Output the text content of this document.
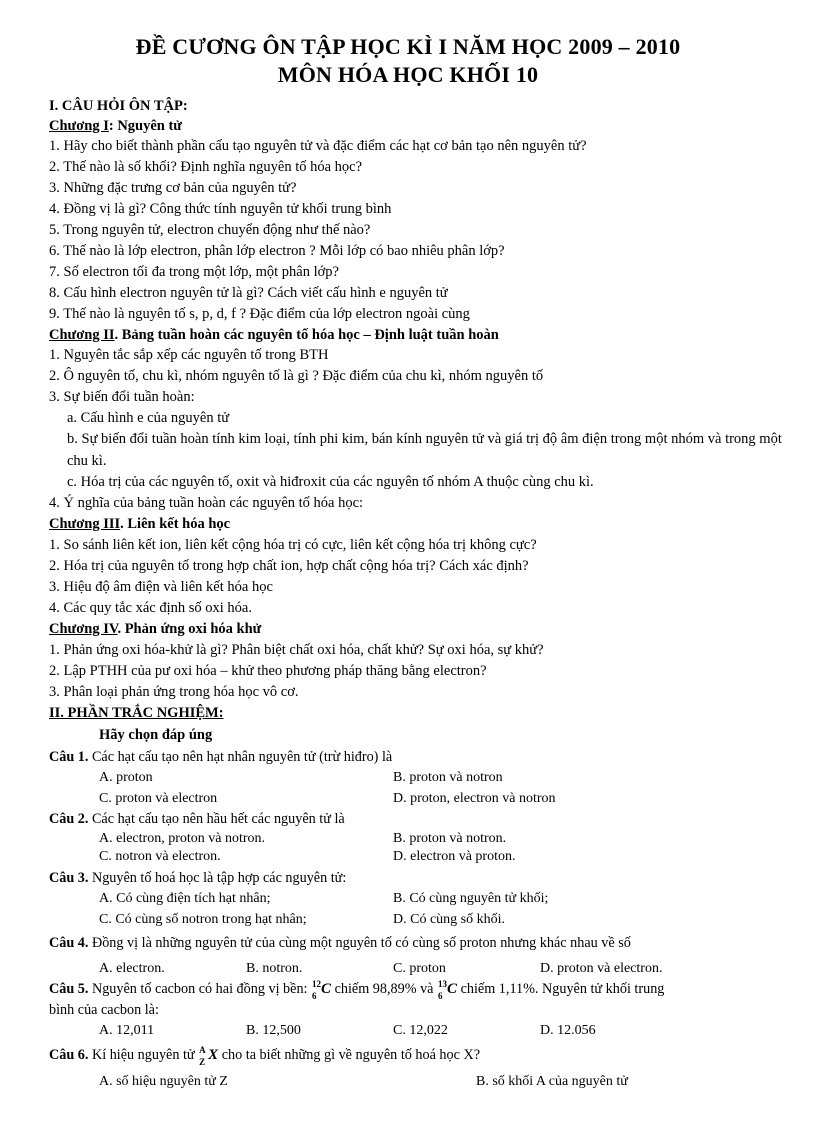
ĐỀ CƯƠNG ÔN TẬP HỌC KÌ I NĂM HỌC 2009 – 2010
MÔN HÓA HỌC KHỐI 10
I. CÂU HỎI ÔN TẬP:
Chương I: Nguyên tử
1. Hãy cho biết thành phần cấu tạo nguyên tử và đặc điểm các hạt cơ bản tạo nên nguyên tử?
2. Thế nào là số khối? Định nghĩa nguyên tố hóa học?
3. Những đặc trưng cơ bản của nguyên tử?
4. Đồng vị là gì? Công thức tính nguyên tử khối trung bình
5. Trong nguyên tử, electron chuyển động như thế nào?
6. Thế nào là lớp electron, phân lớp electron ? Mỗi lớp có bao nhiêu phân lớp?
7. Số electron tối đa trong một lớp, một phân lớp?
8. Cấu hình electron nguyên tử là gì? Cách viết cấu hình e nguyên tử
9. Thế nào là nguyên tố s, p, d, f ? Đặc điểm của lớp electron ngoài cùng
Chương II. Bảng tuần hoàn các nguyên tố hóa học – Định luật tuần hoàn
1. Nguyên tắc sắp xếp các nguyên tố trong BTH
2. Ô nguyên tố, chu kì, nhóm nguyên tố là gì ? Đặc điểm của chu kì, nhóm nguyên tố
3. Sự biến đổi tuần hoàn:
a. Cấu hình e của nguyên tử
b. Sự biến đổi tuần hoàn tính kim loại, tính phi kim, bán kính nguyên tử và giá trị độ âm điện trong một nhóm và trong một chu kì.
c. Hóa trị của các nguyên tố, oxit và hiđroxit của các nguyên tố nhóm A thuộc cùng chu kì.
4. Ý nghĩa của bảng tuần hoàn các nguyên tố hóa học:
Chương III. Liên kết hóa học
1. So sánh liên kết ion, liên kết cộng hóa trị có cực, liên kết cộng hóa trị không cực?
2. Hóa trị của nguyên tố trong hợp chất ion, hợp chất cộng hóa trị? Cách xác định?
3. Hiệu độ âm điện và liên kết hóa học
4. Các quy tắc xác định số oxi hóa.
Chương IV. Phản ứng oxi hóa khử
1. Phản ứng oxi hóa-khử là gì? Phân biệt chất oxi hóa, chất khử? Sự oxi hóa, sự khử?
2. Lập PTHH của pư oxi hóa – khử theo phương pháp thăng bằng electron?
3. Phân loại phản ứng trong hóa học vô cơ.
II. PHẦN TRẮC NGHIỆM:
Hãy chọn đáp úng
Câu 1. Các hạt cấu tạo nên hạt nhân nguyên tử (trừ hiđro) là
A. proton	B. proton và notron
C. proton và electron	D. proton, electron và notron
Câu 2. Các hạt cấu tạo nên hầu hết các nguyên tử là
A. electron, proton và notron.	B. proton và notron.
C. notron và electron.	D. electron và proton.
Câu 3. Nguyên tố hoá học là tập hợp các nguyên tử:
A. Có cùng điện tích hạt nhân;	B. Có cùng nguyên tử khối;
C. Có cùng số notron trong hạt nhân;	D. Có cùng số khối.
Câu 4. Đồng vị là những nguyên tử của cùng một nguyên tố có cùng số proton nhưng khác nhau về số
A. electron.	B. notron.	C. proton	D. proton và electron.
Câu 5. Nguyên tố cacbon có hai đồng vị bền: 12
6 C chiếm 98,89% và 13
6 C chiếm 1,11%. Nguyên tử khối trung
bình của cacbon là:
A. 12,011	B. 12,500	C. 12,022	D. 12.056
Câu 6. Kí hiệu nguyên tử A
Z X cho ta biết những gì về nguyên tố hoá học X?
A. số hiệu nguyên tử Z	B. số khối A của nguyên tử
